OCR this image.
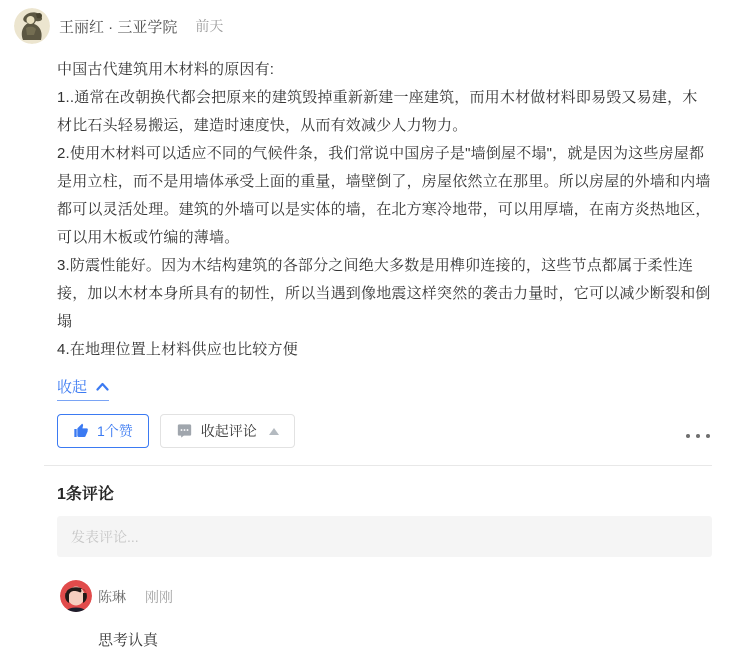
王丽红 · 三亚学院 前天

中国古代建筑用木材料的原因有:

1..通常在改朝换代都会把原来的建筑毁掉重新新建一座建筑，而用木材做材料即易毁又易建，木材比石头轻易搬运，建造时速度快，从而有效减少人力物力。

2.使用木材料可以适应不同的气候件条，我们常说中国房子是"墙倒屋不塌"，就是因为这些房屋都是用立柱，而不是用墙体承受上面的重量，墙壁倒了，房屋依然立在那里。所以房屋的外墙和内墙都可以灵活处理。建筑的外墙可以是实体的墙，在北方寒冷地带，可以用厚墙，在南方炎热地区，可以用木板或竹编的薄墙。

3.防震性能好。因为木结构建筑的各部分之间绝大多数是用榫卯连接的，这些节点都属于柔性连接，加以木材本身所具有的韧性，所以当遇到像地震这样突然的袭击力量时，它可以减少断裂和倒塌

4.在地理位置上材料供应也比较方便

收起
1个赞	收起评论
1条评论
发表评论...
陈琳 刚刚
思考认真
